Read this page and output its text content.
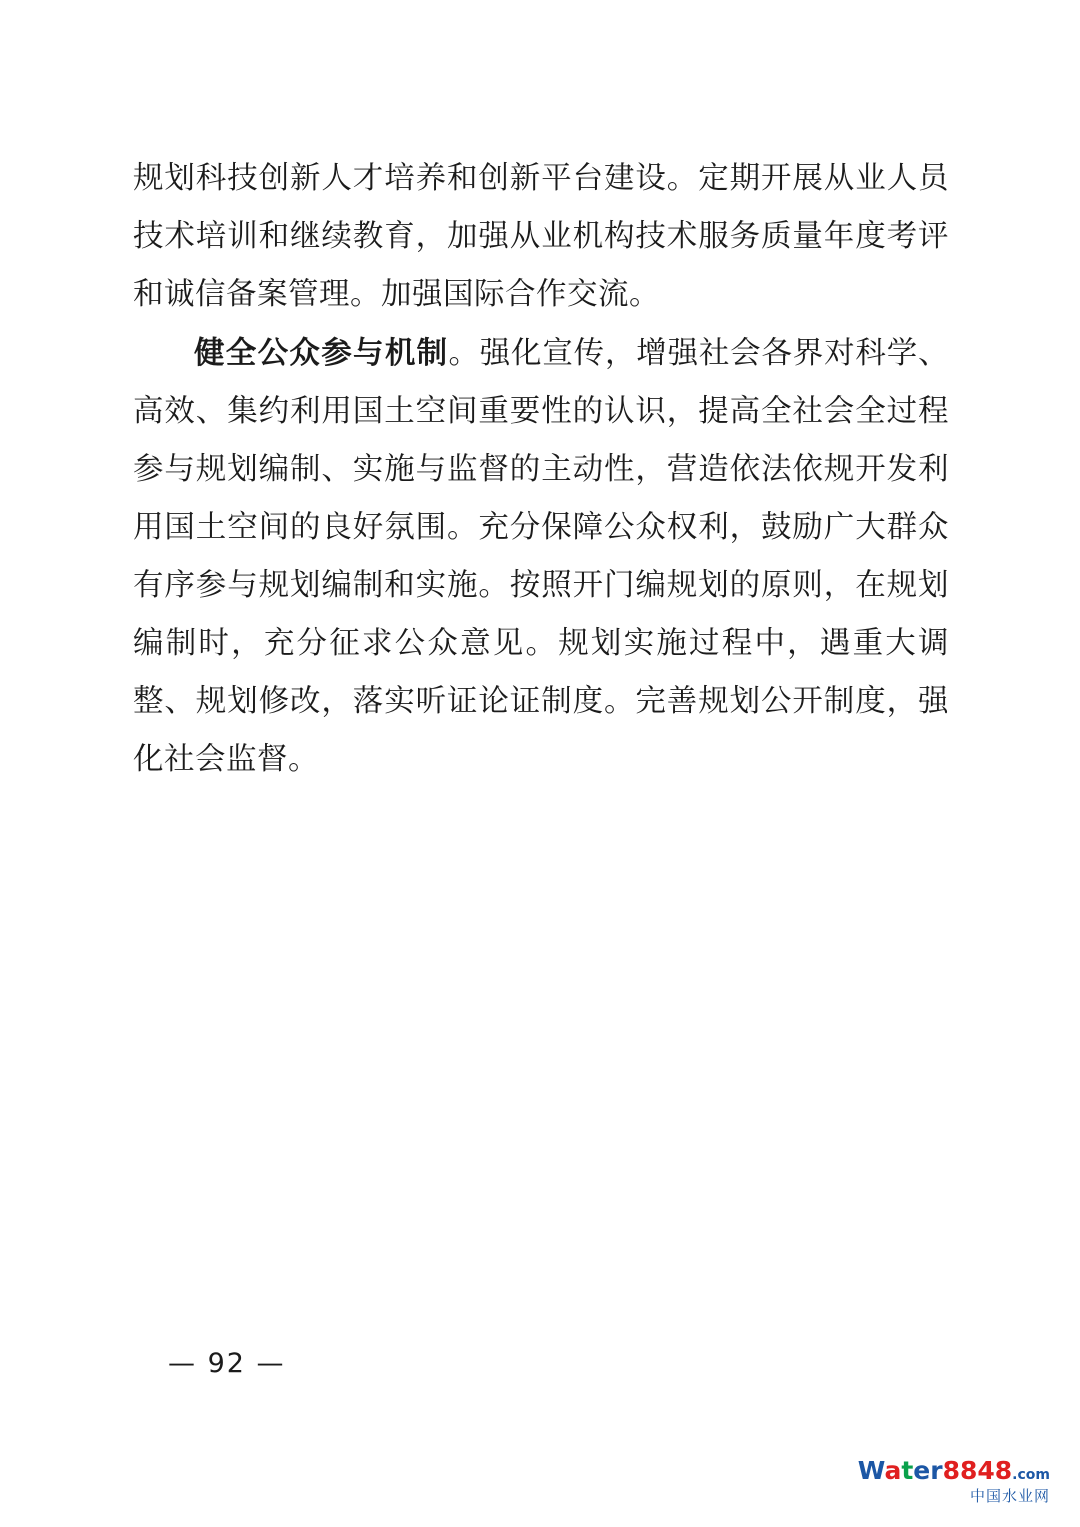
规划科技创新人才培养和创新平台建设。定期开展从业人员技术培训和继续教育，加强从业机构技术服务质量年度考评和诚信备案管理。加强国际合作交流。

健全公众参与机制。强化宣传，增强社会各界对科学、高效、集约利用国土空间重要性的认识，提高全社会全过程参与规划编制、实施与监督的主动性，营造依法依规开发利用国土空间的良好氛围。充分保障公众权利，鼓励广大群众有序参与规划编制和实施。按照开门编规划的原则，在规划编制时，充分征求公众意见。规划实施过程中，遇重大调整、规划修改，落实听证论证制度。完善规划公开制度，强化社会监督。

— 92 —
Water8848.com
中国水业网
